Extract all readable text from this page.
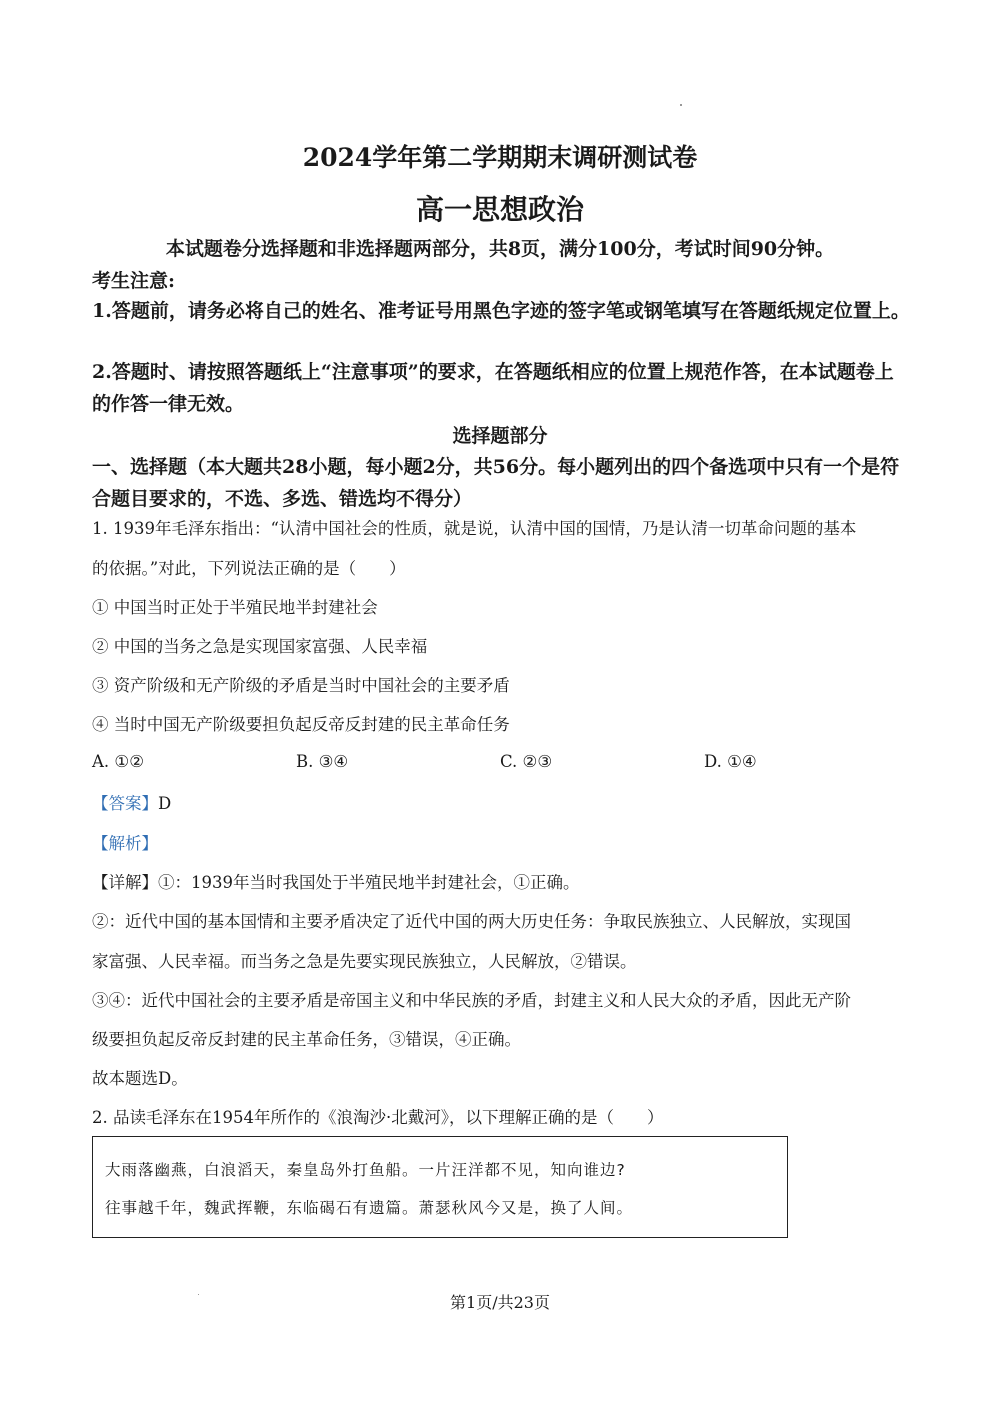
2024学年第二学期期末调研测试卷
高一思想政治
本试题卷分选择题和非选择题两部分，共8页，满分100分，考试时间90分钟。
考生注意:
1.答题前，请务必将自己的姓名、准考证号用黑色字迹的签字笔或钢笔填写在答题纸规定位置上。
2.答题时、请按照答题纸上“注意事项”的要求，在答题纸相应的位置上规范作答，在本试题卷上的作答一律无效。
选择题部分
一、选择题（本大题共28小题，每小题2分，共56分。每小题列出的四个备选项中只有一个是符合题目要求的，不选、多选、错选均不得分）
1. 1939年毛泽东指出：“认清中国社会的性质，就是说，认清中国的国情，乃是认清一切革命问题的基本
的依据。”对此，下列说法正确的是（　　）
① 中国当时正处于半殖民地半封建社会
② 中国的当务之急是实现国家富强、人民幸福
③ 资产阶级和无产阶级的矛盾是当时中国社会的主要矛盾
④ 当时中国无产阶级要担负起反帝反封建的民主革命任务
A. ①②	B. ③④	C. ②③	D. ①④
【答案】D
【解析】
【详解】①：1939年当时我国处于半殖民地半封建社会，①正确。
②：近代中国的基本国情和主要矛盾决定了近代中国的两大历史任务：争取民族独立、人民解放，实现国
家富强、人民幸福。而当务之急是先要实现民族独立，人民解放，②错误。
③④：近代中国社会的主要矛盾是帝国主义和中华民族的矛盾，封建主义和人民大众的矛盾，因此无产阶
级要担负起反帝反封建的民主革命任务，③错误，④正确。
故本题选D。
2. 品读毛泽东在1954年所作的《浪淘沙·北戴河》，以下理解正确的是（　　）
大雨落幽燕，白浪滔天，秦皇岛外打鱼船。一片汪洋都不见，知向谁边?
往事越千年，魏武挥鞭，东临碣石有遗篇。萧瑟秋风今又是，换了人间。
第1页/共23页
